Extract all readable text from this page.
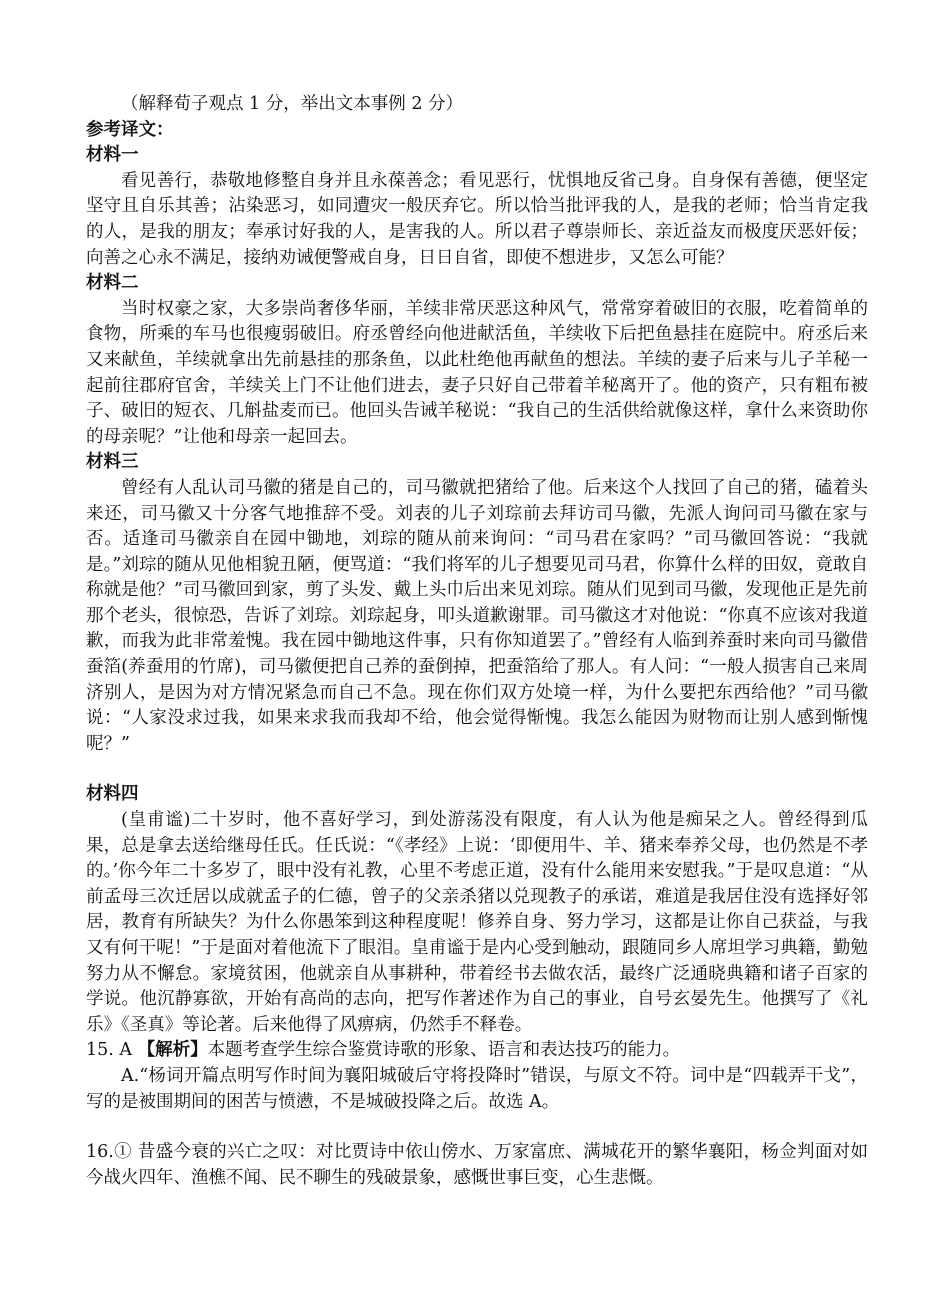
（解释荀子观点 1 分，举出文本事例 2 分）

参考译文：

材料一

看见善行，恭敬地修整自身并且永葆善念；看见恶行，忧惧地反省己身。自身保有善德，便坚定坚守且自乐其善；沾染恶习，如同遭灾一般厌弃它。所以恰当批评我的人，是我的老师；恰当肯定我的人，是我的朋友；奉承讨好我的人，是害我的人。所以君子尊崇师长、亲近益友而极度厌恶奸佞；向善之心永不满足，接纳劝诫便警戒自身，日日自省，即使不想进步，又怎么可能？

材料二

当时权豪之家，大多崇尚奢侈华丽，羊续非常厌恶这种风气，常常穿着破旧的衣服，吃着简单的食物，所乘的车马也很瘦弱破旧。府丞曾经向他进献活鱼，羊续收下后把鱼悬挂在庭院中。府丞后来又来献鱼，羊续就拿出先前悬挂的那条鱼，以此杜绝他再献鱼的想法。羊续的妻子后来与儿子羊秘一起前往郡府官舍，羊续关上门不让他们进去，妻子只好自己带着羊秘离开了。他的资产，只有粗布被子、破旧的短衣、几斛盐麦而已。他回头告诫羊秘说：“我自己的生活供给就像这样，拿什么来资助你的母亲呢？”让他和母亲一起回去。

材料三

曾经有人乱认司马徽的猪是自己的，司马徽就把猪给了他。后来这个人找回了自己的猪，磕着头来还，司马徽又十分客气地推辞不受。刘表的儿子刘琮前去拜访司马徽，先派人询问司马徽在家与否。适逢司马徽亲自在园中锄地，刘琮的随从前来询问：“司马君在家吗？”司马徽回答说：“我就是。”刘琮的随从见他相貌丑陋，便骂道：“我们将军的儿子想要见司马君，你算什么样的田奴，竟敢自称就是他？”司马徽回到家，剪了头发、戴上头巾后出来见刘琮。随从们见到司马徽，发现他正是先前那个老头，很惊恐，告诉了刘琮。刘琮起身，叩头道歉谢罪。司马徽这才对他说：“你真不应该对我道歉，而我为此非常羞愧。我在园中锄地这件事，只有你知道罢了。”曾经有人临到养蚕时来向司马徽借蚕箔(养蚕用的竹席)，司马徽便把自己养的蚕倒掉，把蚕箔给了那人。有人问：“一般人损害自己来周济别人，是因为对方情况紧急而自己不急。现在你们双方处境一样，为什么要把东西给他？”司马徽说：“人家没求过我，如果来求我而我却不给，他会觉得惭愧。我怎么能因为财物而让别人感到惭愧呢？”

材料四

(皇甫谧)二十岁时，他不喜好学习，到处游荡没有限度，有人认为他是痴呆之人。曾经得到瓜果，总是拿去送给继母任氏。任氏说：“《孝经》上说：‘即便用牛、羊、猪来奉养父母，也仍然是不孝的。’你今年二十多岁了，眼中没有礼教，心里不考虑正道，没有什么能用来安慰我。”于是叹息道：“从前孟母三次迁居以成就孟子的仁德，曾子的父亲杀猪以兑现教子的承诺，难道是我居住没有选择好邻居，教育有所缺失？为什么你愚笨到这种程度呢！修养自身、努力学习，这都是让你自己获益，与我又有何干呢！”于是面对着他流下了眼泪。皇甫谧于是内心受到触动，跟随同乡人席坦学习典籍，勤勉努力从不懈怠。家境贫困，他就亲自从事耕种，带着经书去做农活，最终广泛通晓典籍和诸子百家的学说。他沉静寡欲，开始有高尚的志向，把写作著述作为自己的事业，自号玄晏先生。他撰写了《礼乐》《圣真》等论著。后来他得了风痹病，仍然手不释卷。

15. A 【解析】本题考查学生综合鉴赏诗歌的形象、语言和表达技巧的能力。

A.“杨词开篇点明写作时间为襄阳城破后守将投降时”错误，与原文不符。词中是“四载弄干戈”，写的是被围期间的困苦与愤懑，不是城破投降之后。故选 A。

16.① 昔盛今衰的兴亡之叹：对比贾诗中依山傍水、万家富庶、满城花开的繁华襄阳，杨佥判面对如今战火四年、渔樵不闻、民不聊生的残破景象，感慨世事巨变，心生悲慨。
